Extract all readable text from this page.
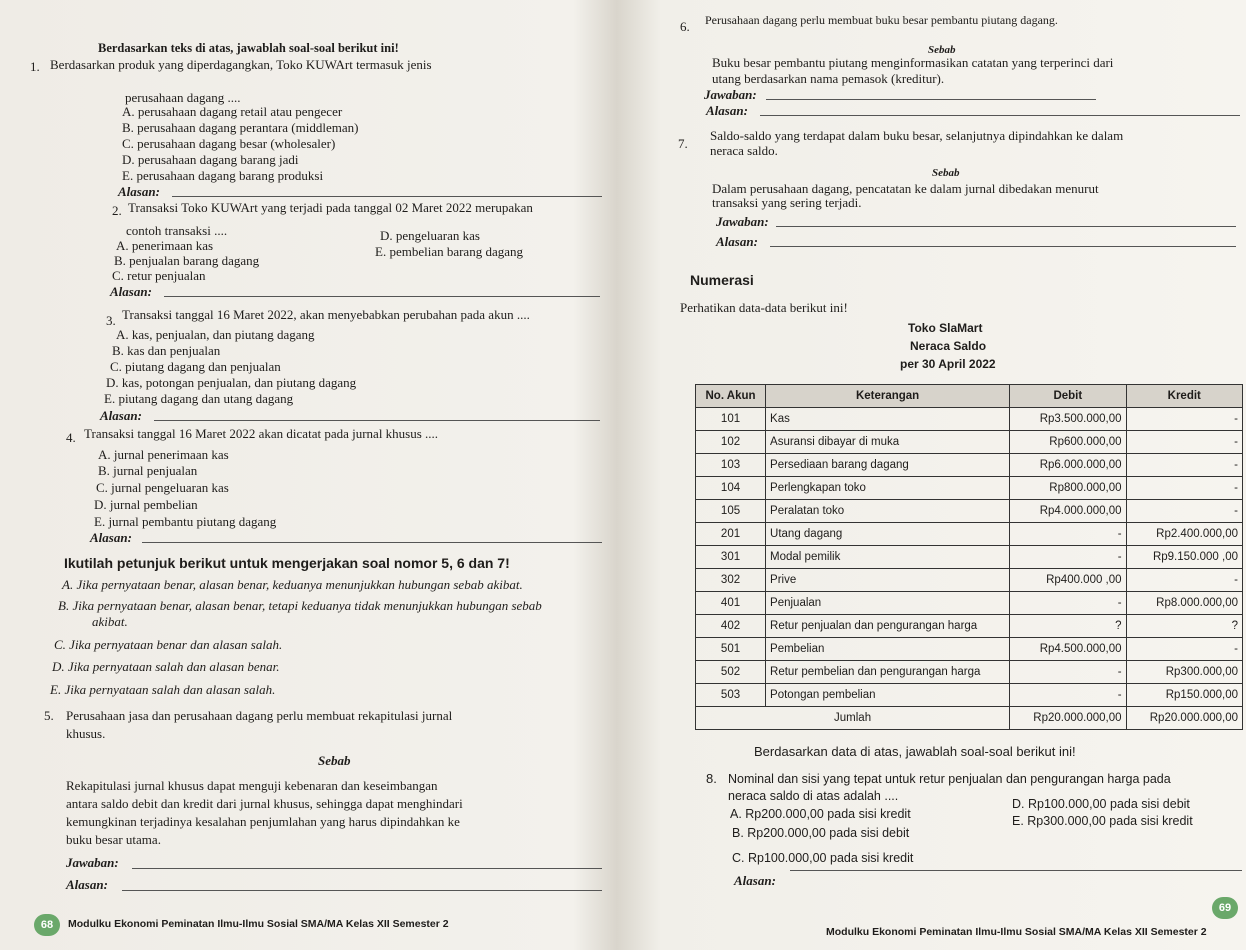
Berdasarkan teks di atas, jawablah soal-soal berikut ini!
1. Berdasarkan produk yang diperdagangkan, Toko KUWArt termasuk jenis
perusahaan dagang ....
A. perusahaan dagang retail atau pengecer
B. perusahaan dagang perantara (middleman)
C. perusahaan dagang besar (wholesaler)
D. perusahaan dagang barang jadi
E. perusahaan dagang barang produksi
Alasan:
2. Transaksi Toko KUWArt yang terjadi pada tanggal 02 Maret 2022 merupakan
contoh transaksi ....
A. penerimaan kas
B. penjualan barang dagang
C. retur penjualan
D. pengeluaran kas
E. pembelian barang dagang
Alasan:
3. Transaksi tanggal 16 Maret 2022, akan menyebabkan perubahan pada akun ....
A. kas, penjualan, dan piutang dagang
B. kas dan penjualan
C. piutang dagang dan penjualan
D. kas, potongan penjualan, dan piutang dagang
E. piutang dagang dan utang dagang
Alasan:
4. Transaksi tanggal 16 Maret 2022 akan dicatat pada jurnal khusus ....
A. jurnal penerimaan kas
B. jurnal penjualan
C. jurnal pengeluaran kas
D. jurnal pembelian
E. jurnal pembantu piutang dagang
Alasan:
Ikutilah petunjuk berikut untuk mengerjakan soal nomor 5, 6 dan 7!
A. Jika pernyataan benar, alasan benar, keduanya menunjukkan hubungan sebab akibat.
B. Jika pernyataan benar, alasan benar, tetapi keduanya tidak menunjukkan hubungan sebab
akibat.
C. Jika pernyataan benar dan alasan salah.
D. Jika pernyataan salah dan alasan benar.
E. Jika pernyataan salah dan alasan salah.
5. Perusahaan jasa dan perusahaan dagang perlu membuat rekapitulasi jurnal
khusus.
Sebab
Rekapitulasi jurnal khusus dapat menguji kebenaran dan keseimbangan
antara saldo debit dan kredit dari jurnal khusus, sehingga dapat menghindari
kemungkinan terjadinya kesalahan penjumlahan yang harus dipindahkan ke
buku besar utama.
Jawaban:
Alasan:
68	Modulku Ekonomi Peminatan Ilmu-Ilmu Sosial SMA/MA Kelas XII Semester 2
6. Perusahaan dagang perlu membuat buku besar pembantu piutang dagang.
Sebab
Buku besar pembantu piutang menginformasikan catatan yang terperinci dari
utang berdasarkan nama pemasok (kreditur).
Jawaban:
Alasan:
7.
Saldo-saldo yang terdapat dalam buku besar, selanjutnya dipindahkan ke dalam
neraca saldo.
Sebab
Dalam perusahaan dagang, pencatatan ke dalam jurnal dibedakan menurut
transaksi yang sering terjadi.
Jawaban:
Alasan:
Numerasi
Perhatikan data-data berikut ini!
Toko SlaMart
Neraca Saldo
per 30 April 2022
No. Akun	Keterangan	Debit	Kredit
101	Kas	Rp3.500.000,00	-
102	Asuransi dibayar di muka	Rp600.000,00	-
103	Persediaan barang dagang	Rp6.000.000,00	-
104	Perlengkapan toko	Rp800.000,00	-
105	Peralatan toko	Rp4.000.000,00	-
201	Utang dagang	-	Rp2.400.000,00
301	Modal pemilik	-	Rp9.150.000 ,00
302	Prive	Rp400.000 ,00	-
401	Penjualan	-	Rp8.000.000,00
402	Retur penjualan dan pengurangan harga	?	?
501	Pembelian	Rp4.500.000,00	-
502	Retur pembelian dan pengurangan harga	-	Rp300.000,00
503	Potongan pembelian	-	Rp150.000,00
Jumlah		Rp20.000.000,00	Rp20.000.000,00
Berdasarkan data di atas, jawablah soal-soal berikut ini!
8. Nominal dan sisi yang tepat untuk retur penjualan dan pengurangan harga pada
neraca saldo di atas adalah ....
A. Rp200.000,00 pada sisi kredit
B. Rp200.000,00 pada sisi debit
C. Rp100.000,00 pada sisi kredit
D. Rp100.000,00 pada sisi debit
E. Rp300.000,00 pada sisi kredit
Alasan:
Modulku Ekonomi Peminatan Ilmu-Ilmu Sosial SMA/MA Kelas XII Semester 2
69
